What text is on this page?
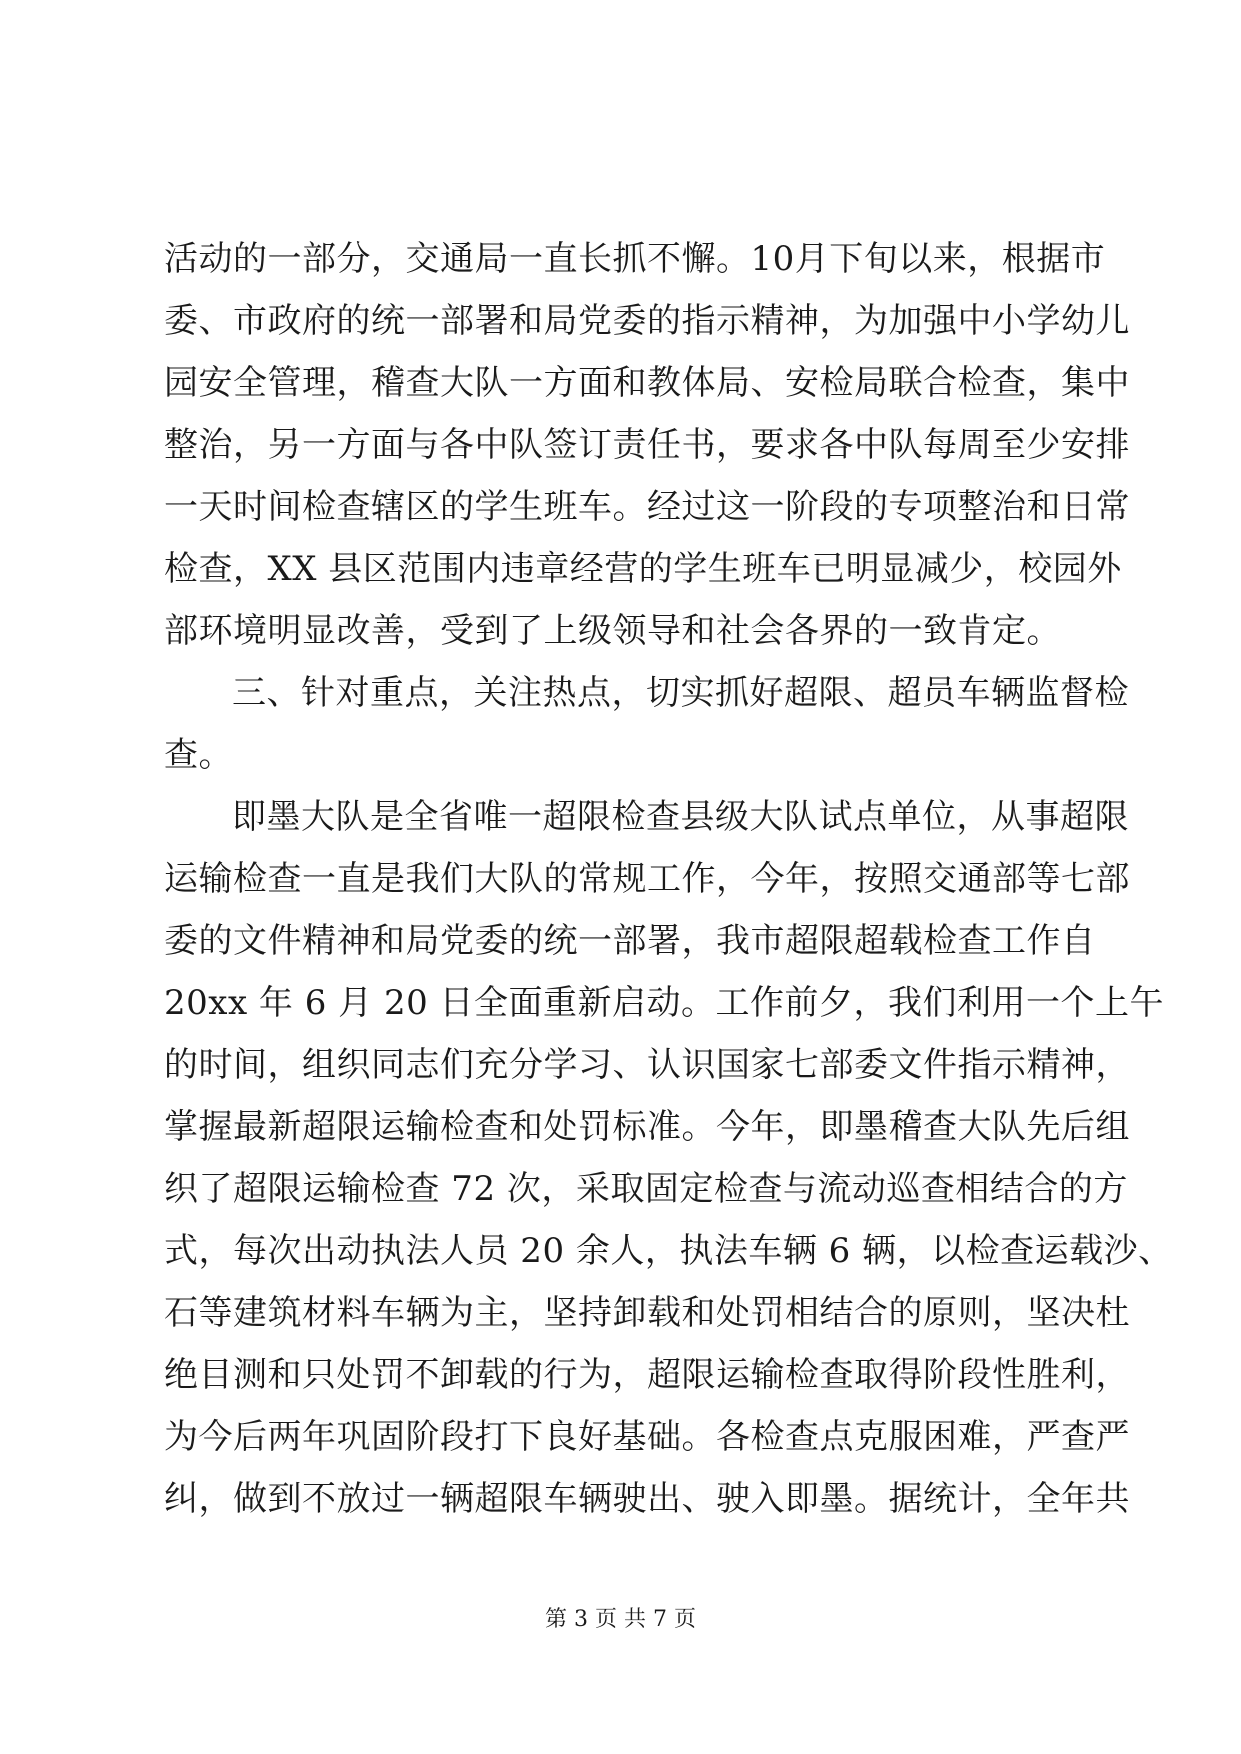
活动的一部分，交通局一直长抓不懈。10月下旬以来，根据市
委、市政府的统一部署和局党委的指示精神，为加强中小学幼儿
园安全管理，稽查大队一方面和教体局、安检局联合检查，集中
整治，另一方面与各中队签订责任书，要求各中队每周至少安排
一天时间检查辖区的学生班车。经过这一阶段的专项整治和日常
检查，XX 县区范围内违章经营的学生班车已明显减少，校园外
部环境明显改善，受到了上级领导和社会各界的一致肯定。
三、针对重点，关注热点，切实抓好超限、超员车辆监督检
查。
即墨大队是全省唯一超限检查县级大队试点单位，从事超限
运输检查一直是我们大队的常规工作，今年，按照交通部等七部
委的文件精神和局党委的统一部署，我市超限超载检查工作自
20xx 年 6 月 20 日全面重新启动。工作前夕，我们利用一个上午
的时间，组织同志们充分学习、认识国家七部委文件指示精神，
掌握最新超限运输检查和处罚标准。今年，即墨稽查大队先后组
织了超限运输检查 72 次，采取固定检查与流动巡查相结合的方
式，每次出动执法人员 20 余人，执法车辆 6 辆，以检查运载沙、
石等建筑材料车辆为主，坚持卸载和处罚相结合的原则，坚决杜
绝目测和只处罚不卸载的行为，超限运输检查取得阶段性胜利，
为今后两年巩固阶段打下良好基础。各检查点克服困难，严查严
纠，做到不放过一辆超限车辆驶出、驶入即墨。据统计，全年共
第 3 页 共 7 页
